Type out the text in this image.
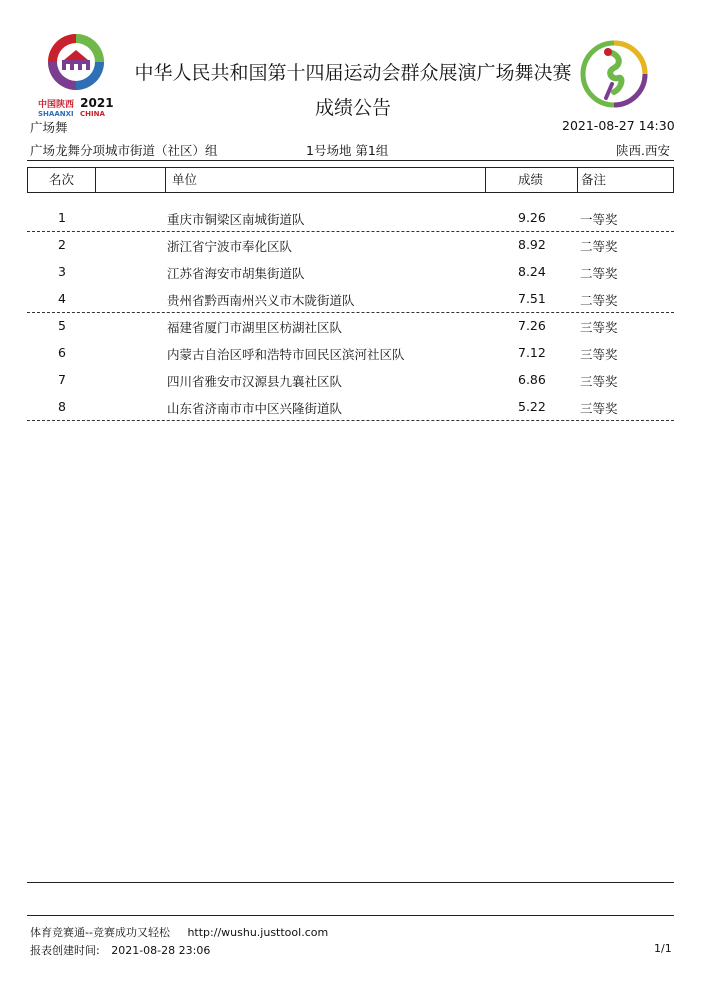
中国陕西 2021
SHAANXI CHINA
中华人民共和国第十四届运动会群众展演广场舞决赛
成绩公告
广场舞	2021-08-27 14:30
广场龙舞分项城市街道（社区）组	1号场地 第1组	陕西.西安
名次	单位	成绩	备注
1	重庆市铜梁区南城街道队	9.26	一等奖
2	浙江省宁波市奉化区队	8.92	二等奖
3	江苏省海安市胡集街道队	8.24	二等奖
4	贵州省黔西南州兴义市木陇街道队	7.51	二等奖
5	福建省厦门市湖里区枋湖社区队	7.26	三等奖
6	内蒙古自治区呼和浩特市回民区滨河社区队	7.12	三等奖
7	四川省雅安市汉源县九襄社区队	6.86	三等奖
8	山东省济南市市中区兴隆街道队	5.22	三等奖
体育竞赛通--竞赛成功又轻松 http://wushu.justtool.com
报表创建时间: 2021-08-28 23:06	1/1
